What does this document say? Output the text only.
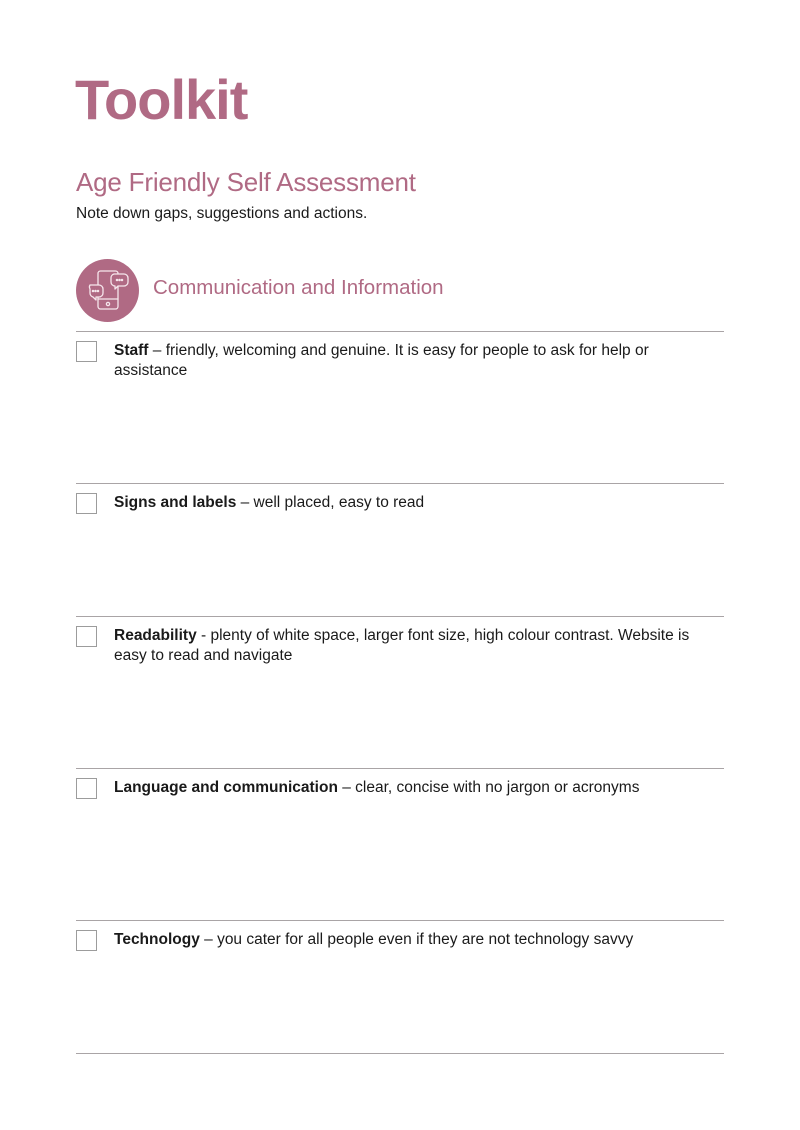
Toolkit
Age Friendly Self Assessment

Note down gaps, suggestions and actions.

Communication and Information
Staff – friendly, welcoming and genuine. It is easy for people to ask for help or assistance
Signs and labels – well placed, easy to read
Readability - plenty of white space, larger font size, high colour contrast. Website is easy to read and navigate
Language and communication – clear, concise with no jargon or acronyms
Technology – you cater for all people even if they are not technology savvy
